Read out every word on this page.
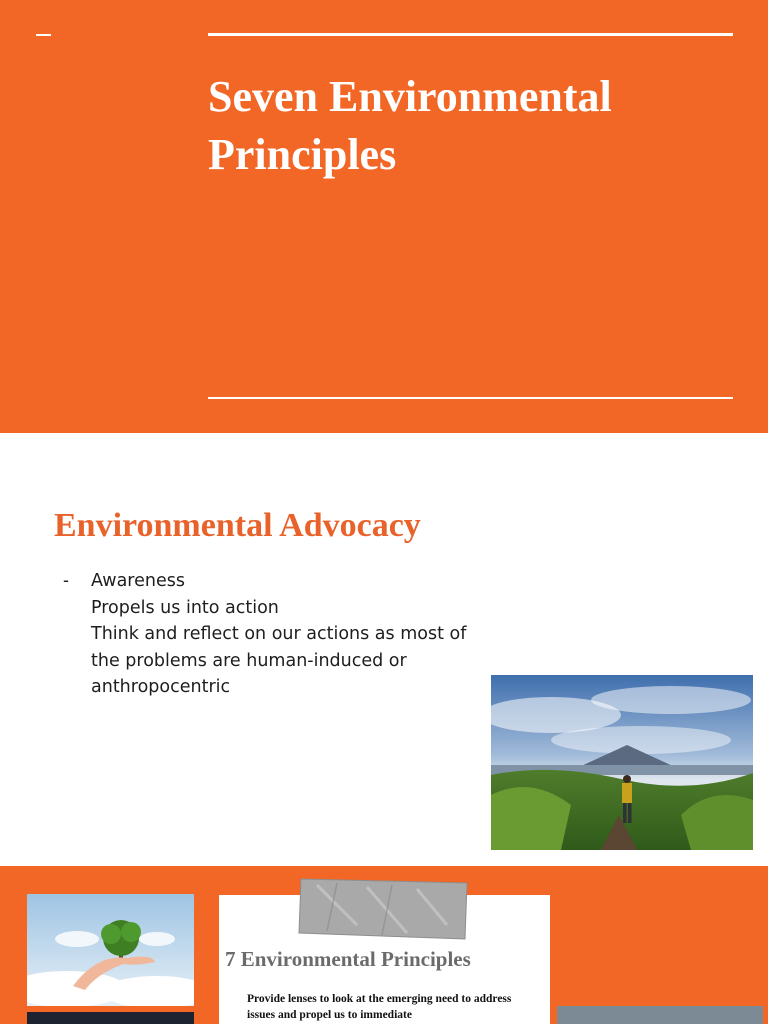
Seven Environmental
Principles
Environmental Advocacy
- Awareness
Propels us into action
Think and reflect on our actions as most of the problems are human-induced or anthropocentric
7 Environmental Principles
Provide lenses to look at the emerging need to address issues and propel us to immediate
